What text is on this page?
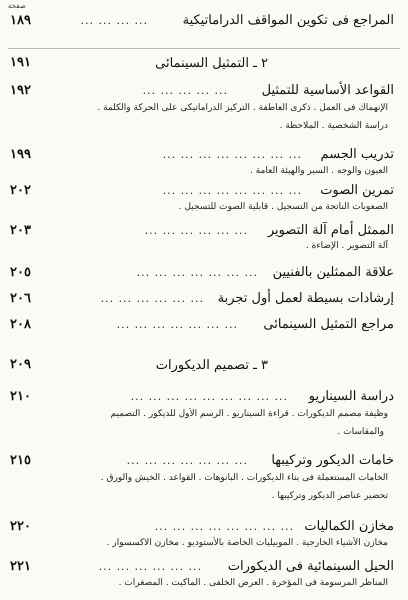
صفحة
المراجع فى تكوين المواقف الدراماتيكية
... ... ... ...
١٨٩
٢ ـ التمثيل السينمائى
١٩١
القواعد الأساسية للتمثيل
... ... ... ... ...
١٩٢
الإنهماك فى العمل . ذكرى العاطفة . التركيز الدراماتيكى على الحركة والكلمة .
دراسة الشخصية . الملاحظة .
تدريب الجسم
... ... ... ... ... ... ... ...
١٩٩
العيون والوجه . السير والهيئة العامة .
تمرين الصوت
... ... ... ... ... ... ... ...
٢٠٢
الصعوبات الناتجة من التسجيل . قابلية الصوت للتسجيل .
الممثل أمام آلة التصوير
... ... ... ... ... ...
٢٠٣
آلة التصوير . الإضاءة .
علاقة الممثلين بالفنيين
... ... ... ... ... ... ...
٢٠٥
إرشادات بسيطة لعمل أول تجربة
... ... ... ... ... ...
٢٠٦
مراجع التمثيل السينمائى
... ... ... ... ... ... ...
٢٠٨
٣ ـ تصميم الديكورات
٢٠٩
دراسة السيناريو
... ... ... ... ... ... ... ... ...
٢١٠
وظيفة مصمم الديكورات . قراءة السيناريو . الرسم الأول للديكور . التصميم
والمقاسات .
خامات الديكور وتركيبها
... ... ... ... ... ... ...
٢١٥
الخامات المستعملة فى بناء الديكورات . البانوهات . القواعد . الخيش والورق .
تحضير عناصر الديكور وتركيبها .
مخازن الكماليات
... ... ... ... ... ... ... ...
٢٢٠
مخازن الأشياء الخارجية . الموبيليات الخاصة بالأستوديو . مخازن الاكسسوار .
الحيل السينمائية فى الديكورات
... ... ... ... ... ...
٢٢١
المناظر المرسومة فى المؤخرة . العرض الخلفى . الماكيت . المصغرات .
